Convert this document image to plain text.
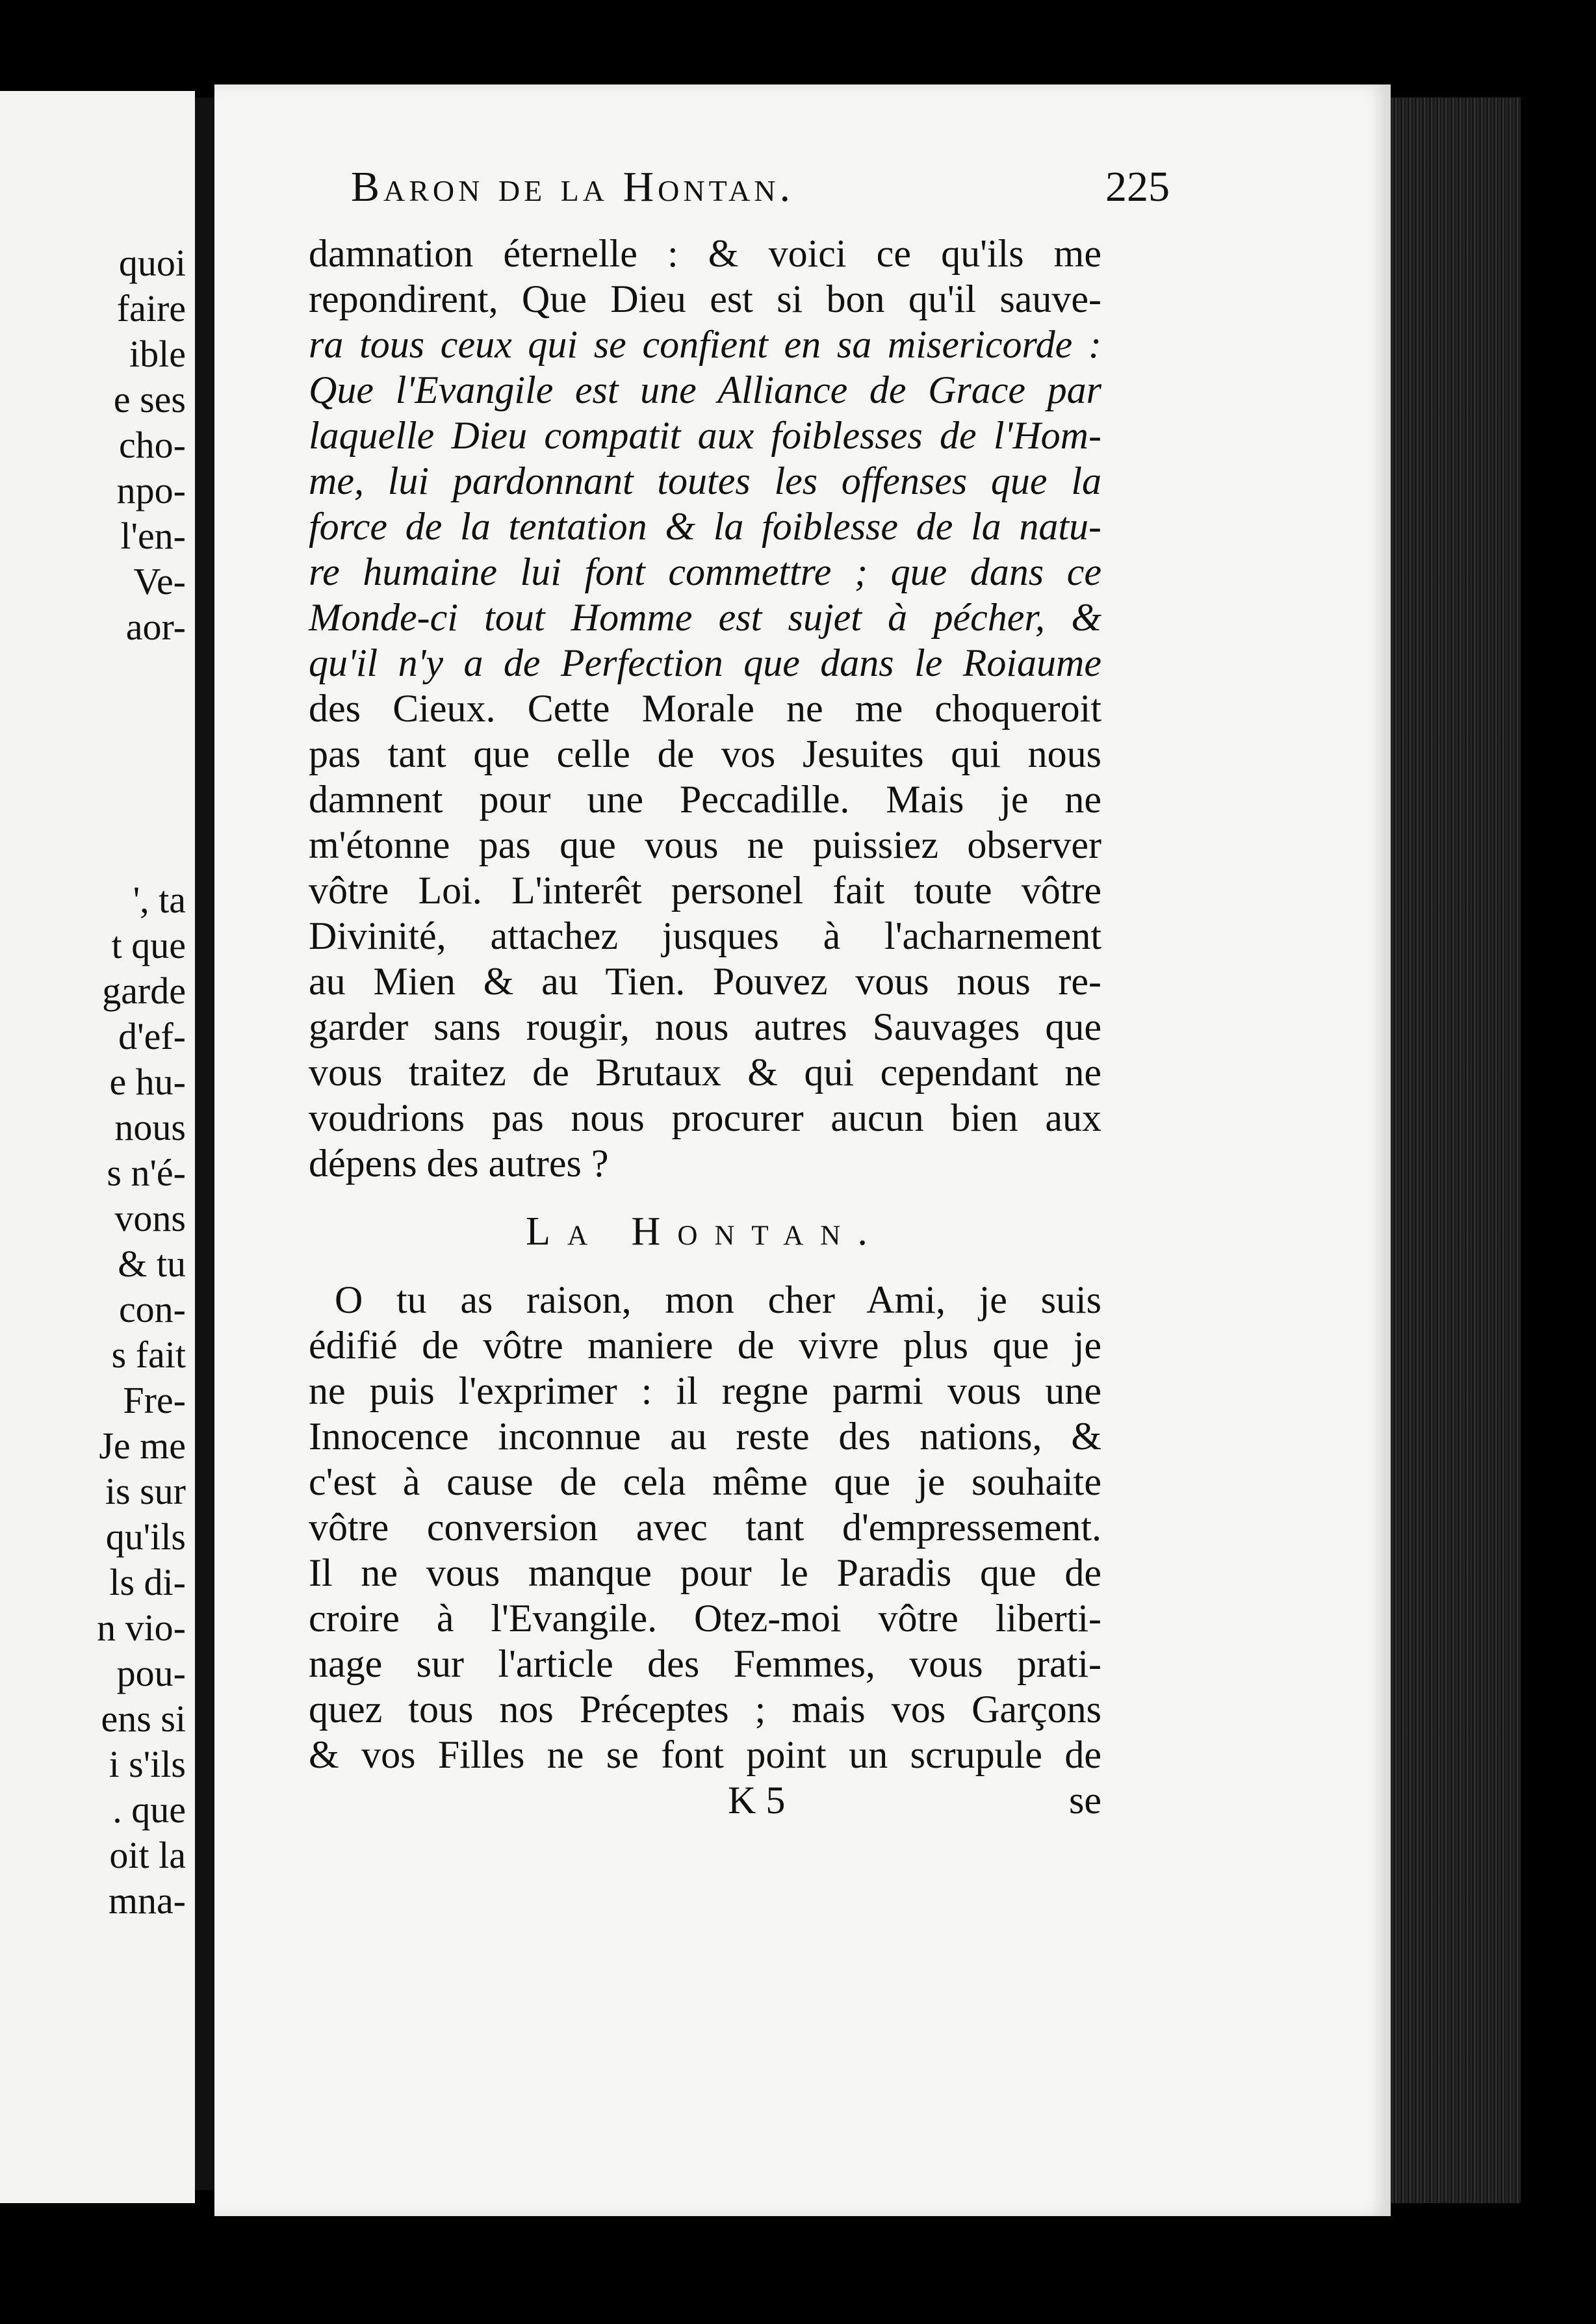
quoi
faire
ible
e ses
cho-
npo-
l'en-
Ve-
aor-
', ta
t que
garde
d'ef-
e hu-
nous
s n'é-
vons
& tu
con-
s fait
Fre-
Je me
is sur
qu'ils
ls di-
n vio-
pou-
ens si
i s'ils
. que
oit la
mna-
Baron de la Hontan.	225
damnation éternelle : & voici ce qu'ils me
repondirent, Que Dieu est si bon qu'il sauve-
ra tous ceux qui se confient en sa misericorde :
Que l'Evangile est une Alliance de Grace par
laquelle Dieu compatit aux foiblesses de l'Hom-
me, lui pardonnant toutes les offenses que la
force de la tentation & la foiblesse de la natu-
re humaine lui font commettre ; que dans ce
Monde-ci tout Homme est sujet à pécher, &
qu'il n'y a de Perfection que dans le Roiaume
des Cieux. Cette Morale ne me choqueroit
pas tant que celle de vos Jesuites qui nous
damnent pour une Peccadille. Mais je ne
m'étonne pas que vous ne puissiez observer
vôtre Loi. L'interêt personel fait toute vôtre
Divinité, attachez jusques à l'acharnement
au Mien & au Tien. Pouvez vous nous re-
garder sans rougir, nous autres Sauvages que
vous traitez de Brutaux & qui cependant ne
voudrions pas nous procurer aucun bien aux
dépens des autres ?
La Hontan.
O tu as raison, mon cher Ami, je suis
édifié de vôtre maniere de vivre plus que je
ne puis l'exprimer : il regne parmi vous une
Innocence inconnue au reste des nations, &
c'est à cause de cela même que je souhaite
vôtre conversion avec tant d'empressement.
Il ne vous manque pour le Paradis que de
croire à l'Evangile. Otez-moi vôtre liberti-
nage sur l'article des Femmes, vous prati-
quez tous nos Préceptes ; mais vos Garçons
& vos Filles ne se font point un scrupule de
K 5	se
